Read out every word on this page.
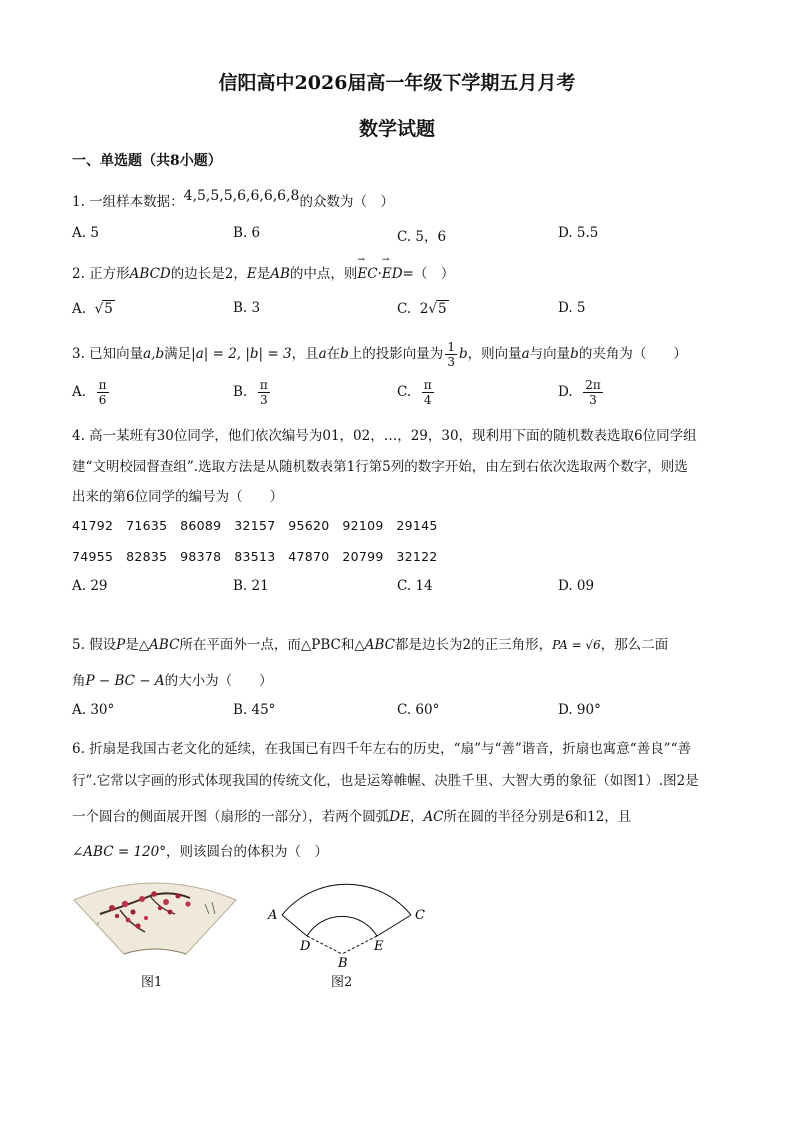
信阳高中2026届高一年级下学期五月月考
数学试题
一、单选题（共8小题）
1. 一组样本数据：4,5,5,5,6,6,6,6,8的众数为（　）
A. 5	B. 6	C. 5，6	D. 5.5
2. 正方形ABCD的边长是2，E是AB的中点，则→ EC·→ ED=（　）
A.  √5	B. 3	C. 2√5	D. 5
3. 已知向量a,b满足|a| = 2, |b| = 3，且a在b上的投影向量为 $\frac{1}{3}$ b，则向量a与向量b的夹角为（　　）
A. $\frac{\pi}{6}$	B. $\frac{\pi}{3}$	C. $\frac{\pi}{4}$	D. $\frac{2\pi}{3}$
4. 高一某班有30位同学，他们依次编号为01，02，…，29，30，现利用下面的随机数表选取6位同学组
建“文明校园督查组”.选取方法是从随机数表第1行第5列的数字开始，由左到右依次选取两个数字，则选
出来的第6位同学的编号为（　　）
41792　71635　86089　32157　95620　92109　29145
74955　82835　98378　83513　47870　20799　32122
A. 29	B. 21	C. 14	D. 09
5. 假设P是△ABC所在平面外一点，而△PBC和△ABC都是边长为2的正三角形，PA = √6，那么二面
角P − BC − A的大小为（　　）
A. 30°	B. 45°	C. 60°	D. 90°
6. 折扇是我国古老文化的延续，在我国已有四千年左右的历史，“扇”与“善”谐音，折扇也寓意“善良”“善
行”.它常以字画的形式体现我国的传统文化，也是运筹帷幄、决胜千里、大智大勇的象征（如图1）.图2是
一个圆台的侧面展开图（扇形的一部分），若两个圆弧DE，AC所在圆的半径分别是6和12，且
∠ABC = 120°，则该圆台的体积为（　）
图1
A	C
D	E
B
图2
